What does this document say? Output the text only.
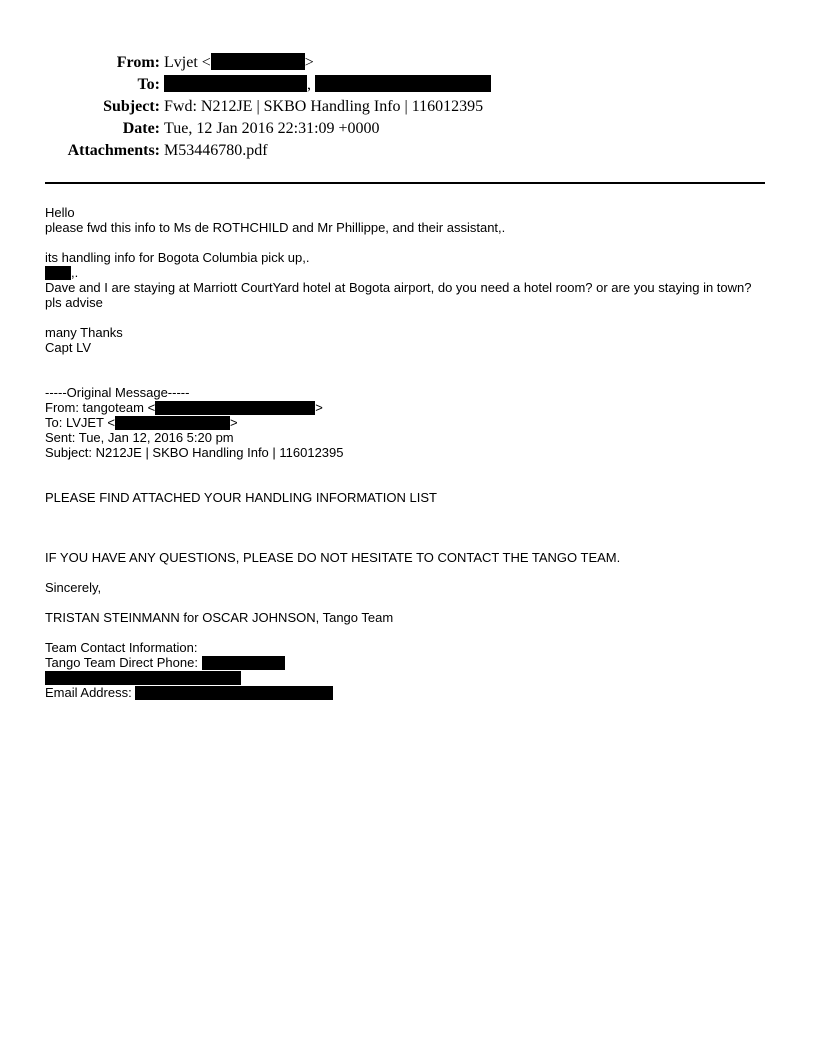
From: Lvjet <	>
To:	,
Subject: Fwd: N212JE | SKBO Handling Info | 116012395
Date: Tue, 12 Jan 2016 22:31:09 +0000
Attachments: M53446780.pdf
Hello
please fwd this info to Ms de ROTHCHILD and Mr Phillippe, and their assistant,.
its handling info for Bogota Columbia pick up,.
,.
Dave and I are staying at Marriott CourtYard hotel at Bogota airport, do you need a hotel room? or are you staying in town?
pls advise
many Thanks
Capt LV
-----Original Message-----
From: tangoteam <	>
To: LVJET <	>
Sent: Tue, Jan 12, 2016 5:20 pm
Subject: N212JE | SKBO Handling Info | 116012395
PLEASE FIND ATTACHED YOUR HANDLING INFORMATION LIST
IF YOU HAVE ANY QUESTIONS, PLEASE DO NOT HESITATE TO CONTACT THE TANGO TEAM.
Sincerely,
TRISTAN STEINMANN for OSCAR JOHNSON, Tango Team
Team Contact Information:
Tango Team Direct Phone:
Email Address:
